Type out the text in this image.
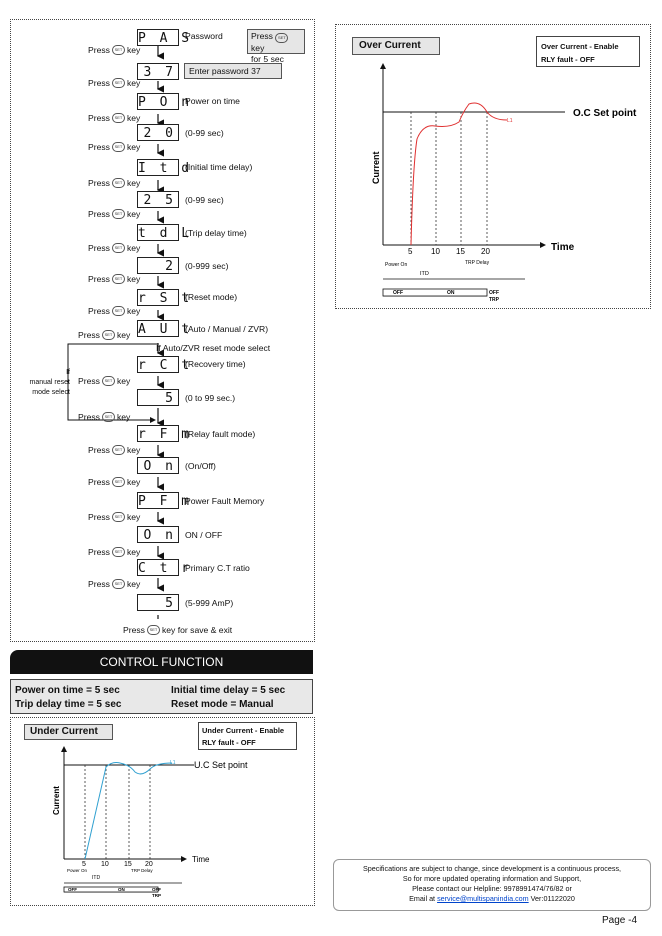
P A S
3 7
P O n
2 0
I t d
2 5
t d L
2
r S t
A U t
r C t
5
r F m
O n
P F m
O n
C t r
5
Password
Enter password 37
Power on time
(0-99 sec)
(Initial time delay)
(0-99 sec)
(Trip delay time)
(0-999 sec)
(Reset mode)
(Auto / Manual / ZVR)
(Recovery time)
(0 to 99 sec.)
(Relay fault mode)
(On/Off)
Power Fault Memory
ON / OFF
Primary C.T ratio
(5-999 AmP)
Press SET key
for 5 sec
Press	SET key
Press	SET key
Press	SET key
Press	SET key
Press	SET key
Press	SET key
Press	SET key
Press	SET key
Press	SET key
Press	SET key
Press	SET key
Press	SET key
Press	SET key
Press	SET key
Press	SET key
Press	SET key
Press	SET key
If Auto/ZVR reset mode select
If
manual reset
mode select
Press	SET key for save & exit
CONTROL FUNCTION
Power on time = 5 sec	Initial time delay = 5 sec
Trip delay time = 5 sec	Reset mode = Manual
Under Current	Under Current - Enable
RLY fault - OFF
L1 U.C Set point
Current
Time
5 10 15 20
Power On
ITD
TRP Delay
OFF	ON	OFF
TRP
Over Current	Over Current - Enable
RLY fault - OFF
L1
O.C Set point
Current
Time
5 10 15 20
Power On
ITD
TRP Delay
OFF	ON	OFF
TRP
Specifications are subject to change, since development is a continuous process,
So for more updated operating information and Support,
Please contact our Helpline: 9978991474/76/82 or
Email at service@multispanindia.com Ver:01122020
Page -4
